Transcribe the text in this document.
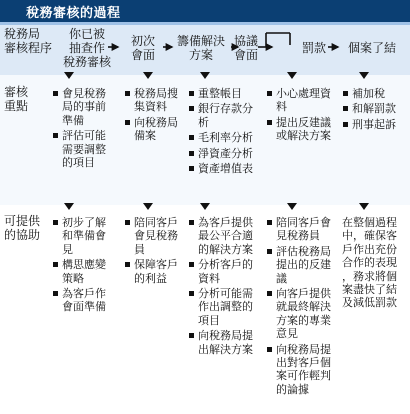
稅務審核的過程
稅務局
審核程序
你已被
抽查作
稅務審核
初次
會面
籌備解決
方案
協議
會面	罰款	個案了結
審核
重點
會見稅務
局的事前
準備
評估可能
需要調整
的項目
稅務局搜
集資料
向稅務局
備案
重整帳目
銀行存款分
析
毛利率分析
淨資產分析
資產增值表
小心處理資
料
提出反建議
或解決方案
補加稅
和解罰款
刑事起訴
可提供
的協助
初步了解
和準備會
見
構思應變
策略
為客戶作
會面準備
陪同客戶
會見稅務
員
保障客戶
的利益
為客戶提供
最公平合適
的解決方案
分析客戶的
資料
分析可能需
作出調整的
項目
向稅務局提
出解決方案
陪同客戶會
見稅務員
評估稅務局
提出的反建
議
向客戶提供
就最終解決
方案的專業
意見
向稅務局提
出對客戶個
案可作輕判
的論據
在整個過程
中，確保客
戶作出充份
合作的表現
，務求將個
案盡快了結
及減低罰款
